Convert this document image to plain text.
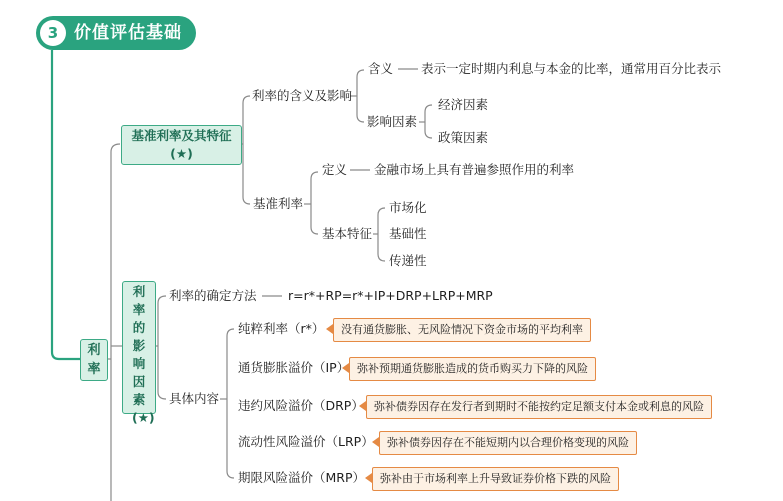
3 价值评估基础
利率
基准利率及其特征(★)
利率的含义及影响
含义 表示一定时期内利息与本金的比率，通常用百分比表示
影响因素
经济因素
政策因素
基准利率
定义 金融市场上具有普遍参照作用的利率
基本特征
市场化
基础性
传递性
利率的影响因素(★)
利率的确定方法	r=r*+RP=r*+IP+DRP+LRP+MRP
具体内容
纯粹利率（r*）	没有通货膨胀、无风险情况下资金市场的平均利率
通货膨胀溢价（IP） 弥补预期通货膨胀造成的货币购买力下降的风险
违约风险溢价（DRP） 弥补债券因存在发行者到期时不能按约定足额支付本金或利息的风险
流动性风险溢价（LRP）	弥补债券因存在不能短期内以合理价格变现的风险
期限风险溢价（MRP）	弥补由于市场利率上升导致证券价格下跌的风险
